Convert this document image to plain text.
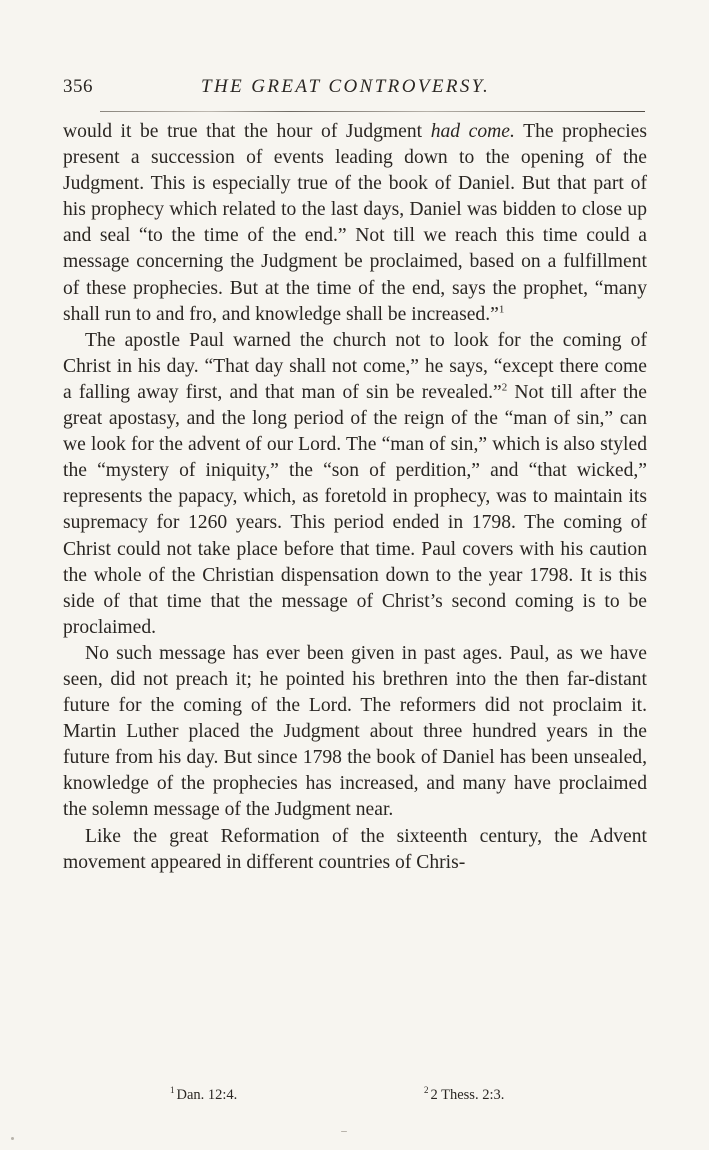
356	THE GREAT CONTROVERSY.

would it be true that the hour of Judgment had come. The prophecies present a succession of events leading down to the opening of the Judgment. This is especially true of the book of Daniel. But that part of his prophecy which related to the last days, Daniel was bidden to close up and seal “to the time of the end.” Not till we reach this time could a message concerning the Judgment be proclaimed, based on a fulfillment of these prophecies. But at the time of the end, says the prophet, “many shall run to and fro, and knowledge shall be increased.”$^1$

The apostle Paul warned the church not to look for the coming of Christ in his day. “That day shall not come,” he says, “except there come a falling away first, and that man of sin be revealed.”$^2$ Not till after the great apostasy, and the long period of the reign of the “man of sin,” can we look for the advent of our Lord. The “man of sin,” which is also styled the “mystery of iniquity,” the “son of perdition,” and “that wicked,” represents the papacy, which, as foretold in prophecy, was to maintain its supremacy for 1260 years. This period ended in 1798. The coming of Christ could not take place before that time. Paul covers with his caution the whole of the Christian dispensation down to the year 1798. It is this side of that time that the message of Christ’s second coming is to be proclaimed.

No such message has ever been given in past ages. Paul, as we have seen, did not preach it; he pointed his brethren into the then far-distant future for the coming of the Lord. The reformers did not proclaim it. Martin Luther placed the Judgment about three hundred years in the future from his day. But since 1798 the book of Daniel has been unsealed, knowledge of the prophecies has increased, and many have proclaimed the solemn message of the Judgment near.

Like the great Reformation of the sixteenth century, the Advent movement appeared in different countries of Chris-

$^1$ Dan. 12:4.	$^2$ 2 Thess. 2:3.
